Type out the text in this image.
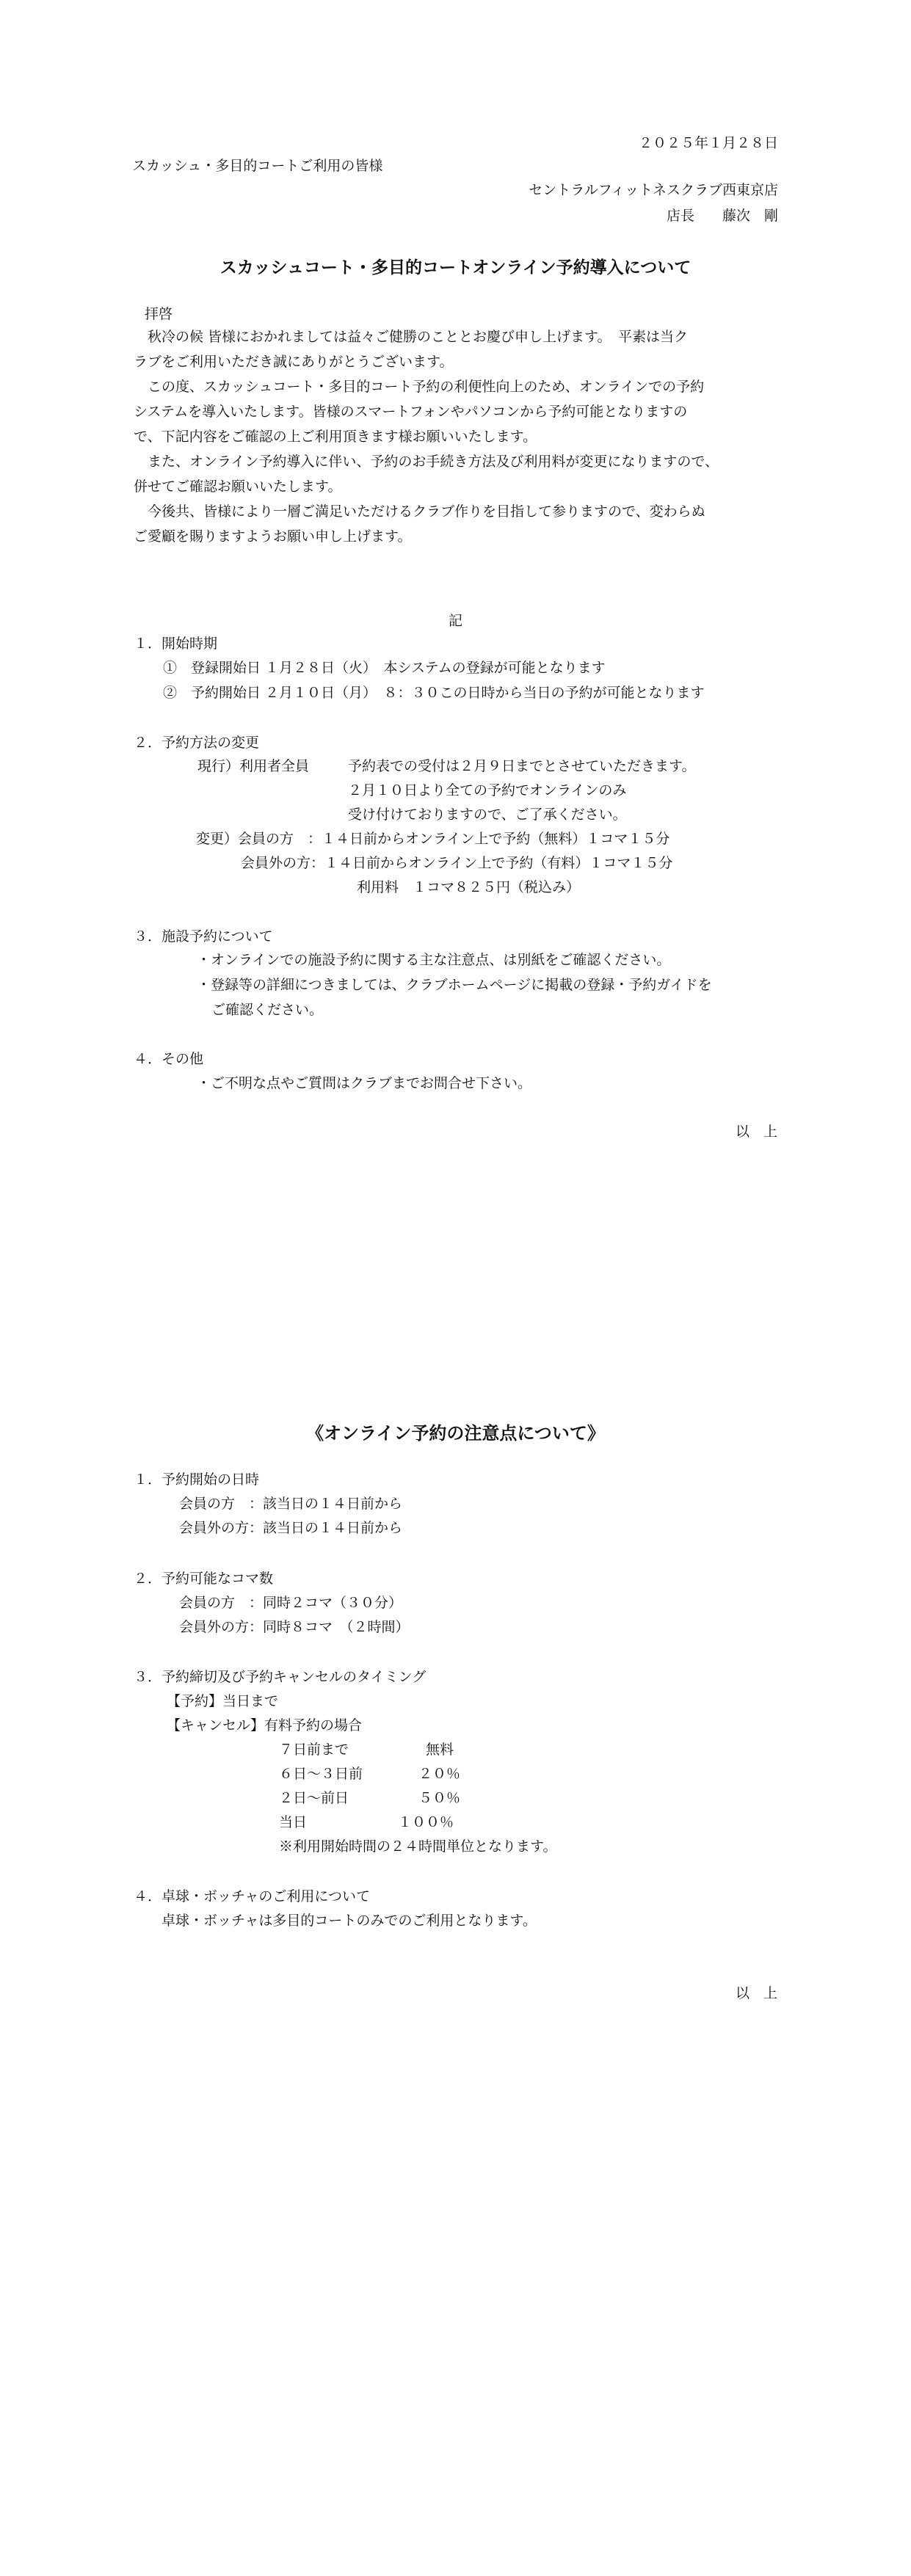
２０２５年１月２８日
スカッシュ・多目的コートご利用の皆様
セントラルフィットネスクラブ西東京店
店長　　藤次　剛
スカッシュコート・多目的コートオンライン予約導入について
拝啓

　秋冷の候 皆様におかれましては益々ご健勝のこととお慶び申し上げます。　平素は当ク

ラブをご利用いただき誠にありがとうございます。

　この度、スカッシュコート・多目的コート予約の利便性向上のため、オンラインでの予約

システムを導入いたします。皆様のスマートフォンやパソコンから予約可能となりますの

で、下記内容をご確認の上ご利用頂きます様お願いいたします。

　また、オンライン予約導入に伴い、予約のお手続き方法及び利用料が変更になりますので、

併せてご確認お願いいたします。

　今後共、皆様により一層ご満足いただけるクラブ作りを目指して参りますので、変わらぬ

ご愛顧を賜りますようお願い申し上げます。

記
１．開始時期
①　登録開始日 １月２８日（火）　本システムの登録が可能となります
②　予約開始日 ２月１０日（月）　８：３０この日時から当日の予約が可能となります
２．予約方法の変更
現行）利用者全員	予約表での受付は２月９日までとさせていただきます。
２月１０日より全ての予約でオンラインのみ
受け付けておりますので、ご了承ください。
変更）会員の方　：１４日前からオンライン上で予約（無料）１コマ１５分
会員外の方：１４日前からオンライン上で予約（有料）１コマ１５分
利用料　１コマ８２５円（税込み）
３．施設予約について
・オンラインでの施設予約に関する主な注意点、は別紙をご確認ください。
・登録等の詳細につきましては、クラブホームページに掲載の登録・予約ガイドを
ご確認ください。
４．その他
・ご不明な点やご質問はクラブまでお問合せ下さい。
以　上
《オンライン予約の注意点について》
１．予約開始の日時
会員の方　：該当日の１４日前から
会員外の方：該当日の１４日前から
２．予約可能なコマ数
会員の方　：同時２コマ（３０分）
会員外の方：同時８コマ　（２時間）
３．予約締切及び予約キャンセルのタイミング
【予約】当日まで
【キャンセル】有料予約の場合
７日前まで	無料
６日～３日前	２０％
２日～前日	５０％
当日	１００％
※利用開始時間の２４時間単位となります。
４．卓球・ボッチャのご利用について
卓球・ボッチャは多目的コートのみでのご利用となります。
以　上
